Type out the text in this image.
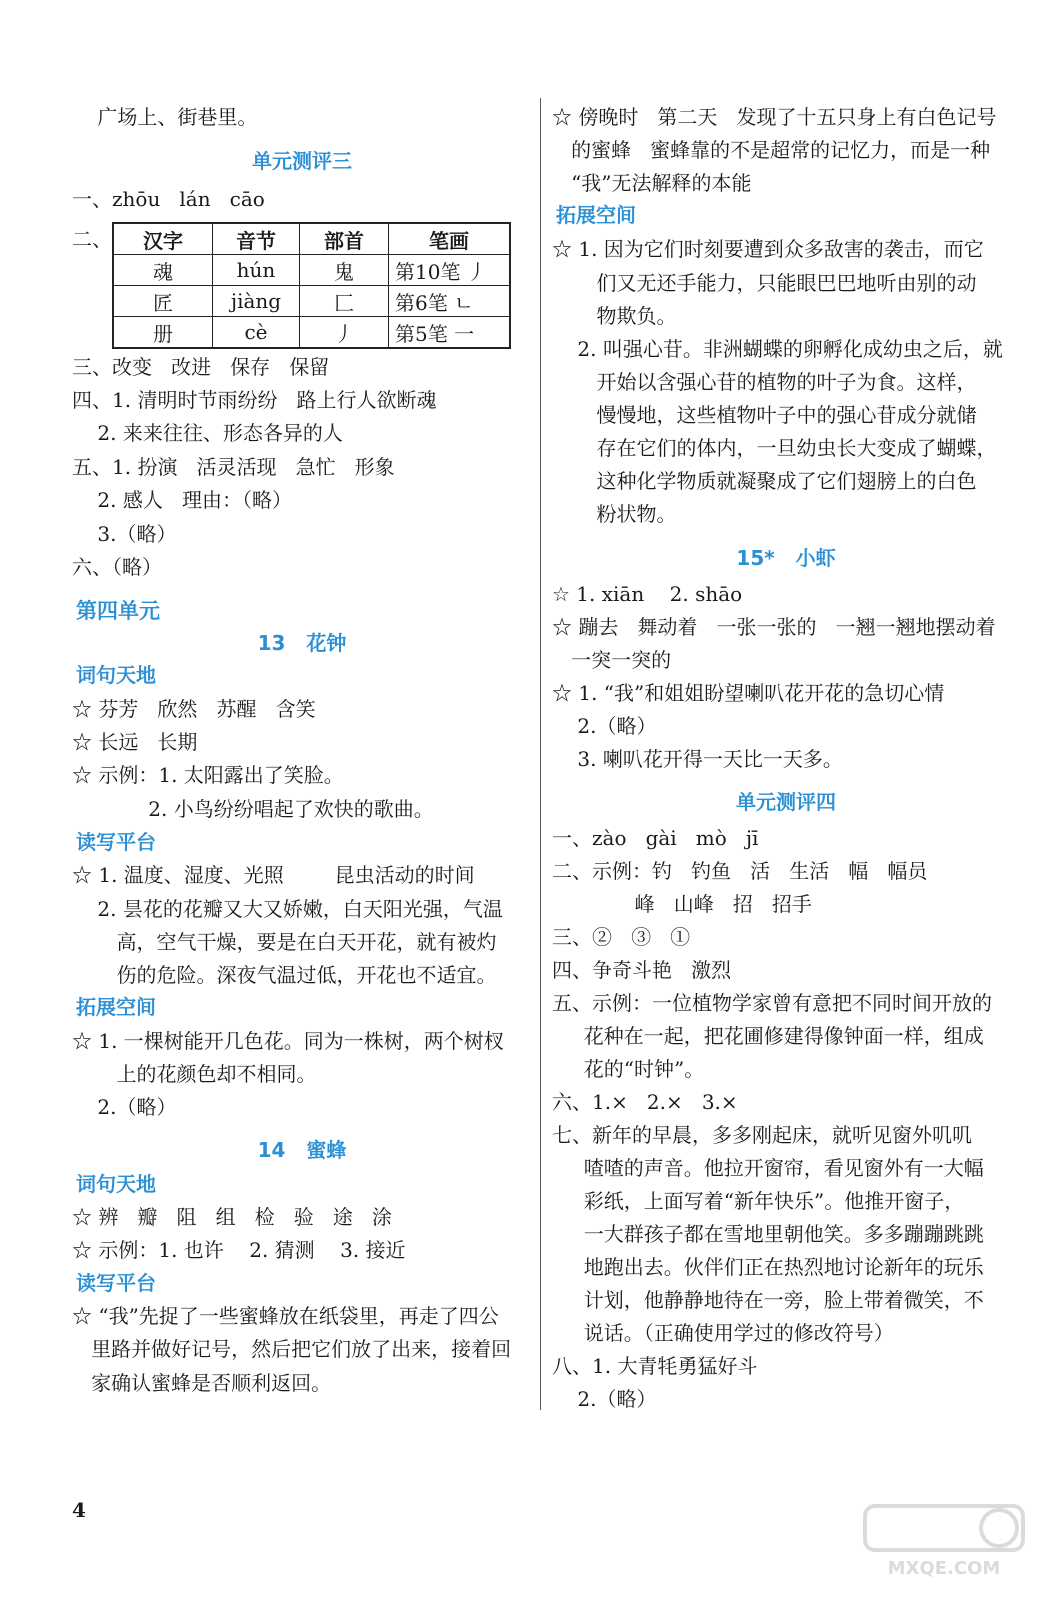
广场上、街巷里。
单元测评三
一、zhōu   lán   cāo
二、 汉字	音节	部首	笔画
魂	hún	鬼	第10笔 丿
匠	jiàng	匚	第6笔 ㄴ
册	cè	丿	第5笔 一
三、改变   改进   保存   保留
四、1. 清明时节雨纷纷   路上行人欲断魂
2. 来来往往、形态各异的人
五、1. 扮演   活灵活现   急忙   形象
2. 感人   理由：（略）
3.（略）
六、（略）
第四单元
13   花钟
词句天地
☆ 芬芳   欣然   苏醒   含笑
☆ 长远   长期
☆ 示例：1. 太阳露出了笑脸。
2. 小鸟纷纷唱起了欢快的歌曲。
读写平台
☆ 1. 温度、湿度、光照        昆虫活动的时间
2. 昙花的花瓣又大又娇嫩，白天阳光强，气温
高，空气干燥，要是在白天开花，就有被灼
伤的危险。深夜气温过低，开花也不适宜。
拓展空间
☆ 1. 一棵树能开几色花。同为一株树，两个树杈
上的花颜色却不相同。
2.（略）
14   蜜蜂
词句天地
☆ 辨   瓣   阻   组   检   验   途   涂
☆ 示例：1. 也许    2. 猜测    3. 接近
读写平台
☆ “我”先捉了一些蜜蜂放在纸袋里，再走了四公
里路并做好记号，然后把它们放了出来，接着回
家确认蜜蜂是否顺利返回。
☆ 傍晚时   第二天   发现了十五只身上有白色记号
的蜜蜂   蜜蜂靠的不是超常的记忆力，而是一种
“我”无法解释的本能
拓展空间
☆ 1. 因为它们时刻要遭到众多敌害的袭击，而它
们又无还手能力，只能眼巴巴地听由别的动
物欺负。
2. 叫强心苷。非洲蝴蝶的卵孵化成幼虫之后，就
开始以含强心苷的植物的叶子为食。这样，
慢慢地，这些植物叶子中的强心苷成分就储
存在它们的体内，一旦幼虫长大变成了蝴蝶，
这种化学物质就凝聚成了它们翅膀上的白色
粉状物。
15*   小虾
☆ 1. xiān    2. shāo
☆ 蹦去   舞动着   一张一张的   一翘一翘地摆动着
一突一突的
☆ 1. “我”和姐姐盼望喇叭花开花的急切心情
2.（略）
3. 喇叭花开得一天比一天多。
单元测评四
一、zào   gài   mò   jī
二、示例：钓   钓鱼   活   生活   幅   幅员
峰   山峰   招   招手
三、②   ③   ①
四、争奇斗艳   激烈
五、示例：一位植物学家曾有意把不同时间开放的
花种在一起，把花圃修建得像钟面一样，组成
花的“时钟”。
六、1.×   2.×   3.×
七、新年的早晨，多多刚起床，就听见窗外叽叽
喳喳的声音。他拉开窗帘，看见窗外有一大幅
彩纸，上面写着“新年快乐”。他推开窗子，
一大群孩子都在雪地里朝他笑。多多蹦蹦跳跳
地跑出去。伙伴们正在热烈地讨论新年的玩乐
计划，他静静地待在一旁，脸上带着微笑，不
说话。（正确使用学过的修改符号）
八、1. 大青牦勇猛好斗
2.（略）
4
MXQE.COM
